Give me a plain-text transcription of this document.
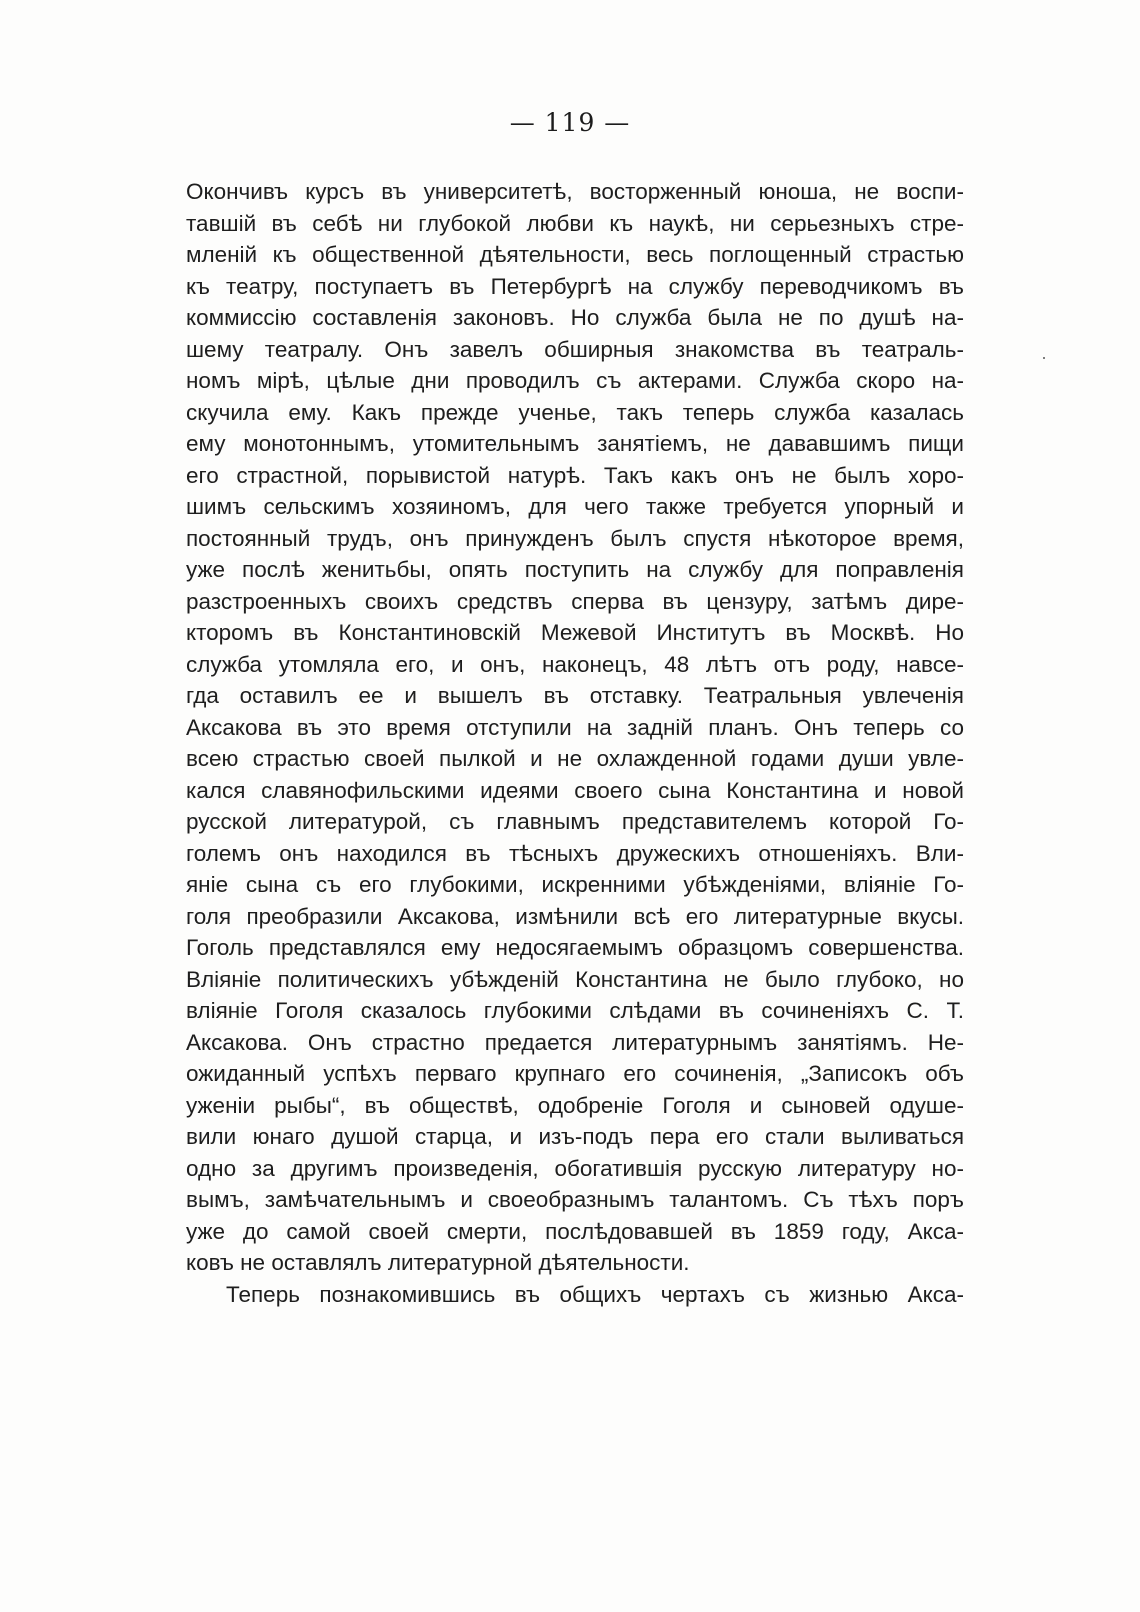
— 119 —
Окончивъ курсъ въ университетѣ, восторженный юноша, не воспи-
тавшій въ себѣ ни глубокой любви къ наукѣ, ни серьезныхъ стре-
мленій къ общественной дѣятельности, весь поглощенный страстью
къ театру, поступаетъ въ Петербургѣ на службу переводчикомъ въ
коммиссію составленія законовъ. Но служба была не по душѣ на-
шему театралу. Онъ завелъ обширныя знакомства въ театраль-
номъ мірѣ, цѣлые дни проводилъ съ актерами. Служба скоро на-
скучила ему. Какъ прежде ученье, такъ теперь служба казалась
ему монотоннымъ, утомительнымъ занятіемъ, не дававшимъ пищи
его страстной, порывистой натурѣ. Такъ какъ онъ не былъ хоро-
шимъ сельскимъ хозяиномъ, для чего также требуется упорный и
постоянный трудъ, онъ принужденъ былъ спустя нѣкоторое время,
уже послѣ женитьбы, опять поступить на службу для поправленія
разстроенныхъ своихъ средствъ сперва въ цензуру, затѣмъ дире-
кторомъ въ Константиновскій Межевой Институтъ въ Москвѣ. Но
служба утомляла его, и онъ, наконецъ, 48 лѣтъ отъ роду, навсе-
гда оставилъ ее и вышелъ въ отставку. Театральныя увлеченія
Аксакова въ это время отступили на задній планъ. Онъ теперь со
всею страстью своей пылкой и не охлажденной годами души увле-
кался славянофильскими идеями своего сына Константина и новой
русской литературой, съ главнымъ представителемъ которой Го-
големъ онъ находился въ тѣсныхъ дружескихъ отношеніяхъ. Вли-
яніе сына съ его глубокими, искренними убѣжденіями, вліяніе Го-
голя преобразили Аксакова, измѣнили всѣ его литературные вкусы.
Гоголь представлялся ему недосягаемымъ образцомъ совершенства.
Вліяніе политическихъ убѣжденій Константина не было глубоко, но
вліяніе Гоголя сказалось глубокими слѣдами въ сочиненіяхъ С. Т.
Аксакова. Онъ страстно предается литературнымъ занятіямъ. Не-
ожиданный успѣхъ перваго крупнаго его сочиненія, „Записокъ объ
уженіи рыбы“, въ обществѣ, одобреніе Гоголя и сыновей одуше-
вили юнаго душой старца, и изъ-подъ пера его стали выливаться
одно за другимъ произведенія, обогатившія русскую литературу но-
вымъ, замѣчательнымъ и своеобразнымъ талантомъ. Съ тѣхъ поръ
уже до самой своей смерти, послѣдовавшей въ 1859 году, Акса-
ковъ не оставлялъ литературной дѣятельности.
Теперь познакомившись въ общихъ чертахъ съ жизнью Акса-
